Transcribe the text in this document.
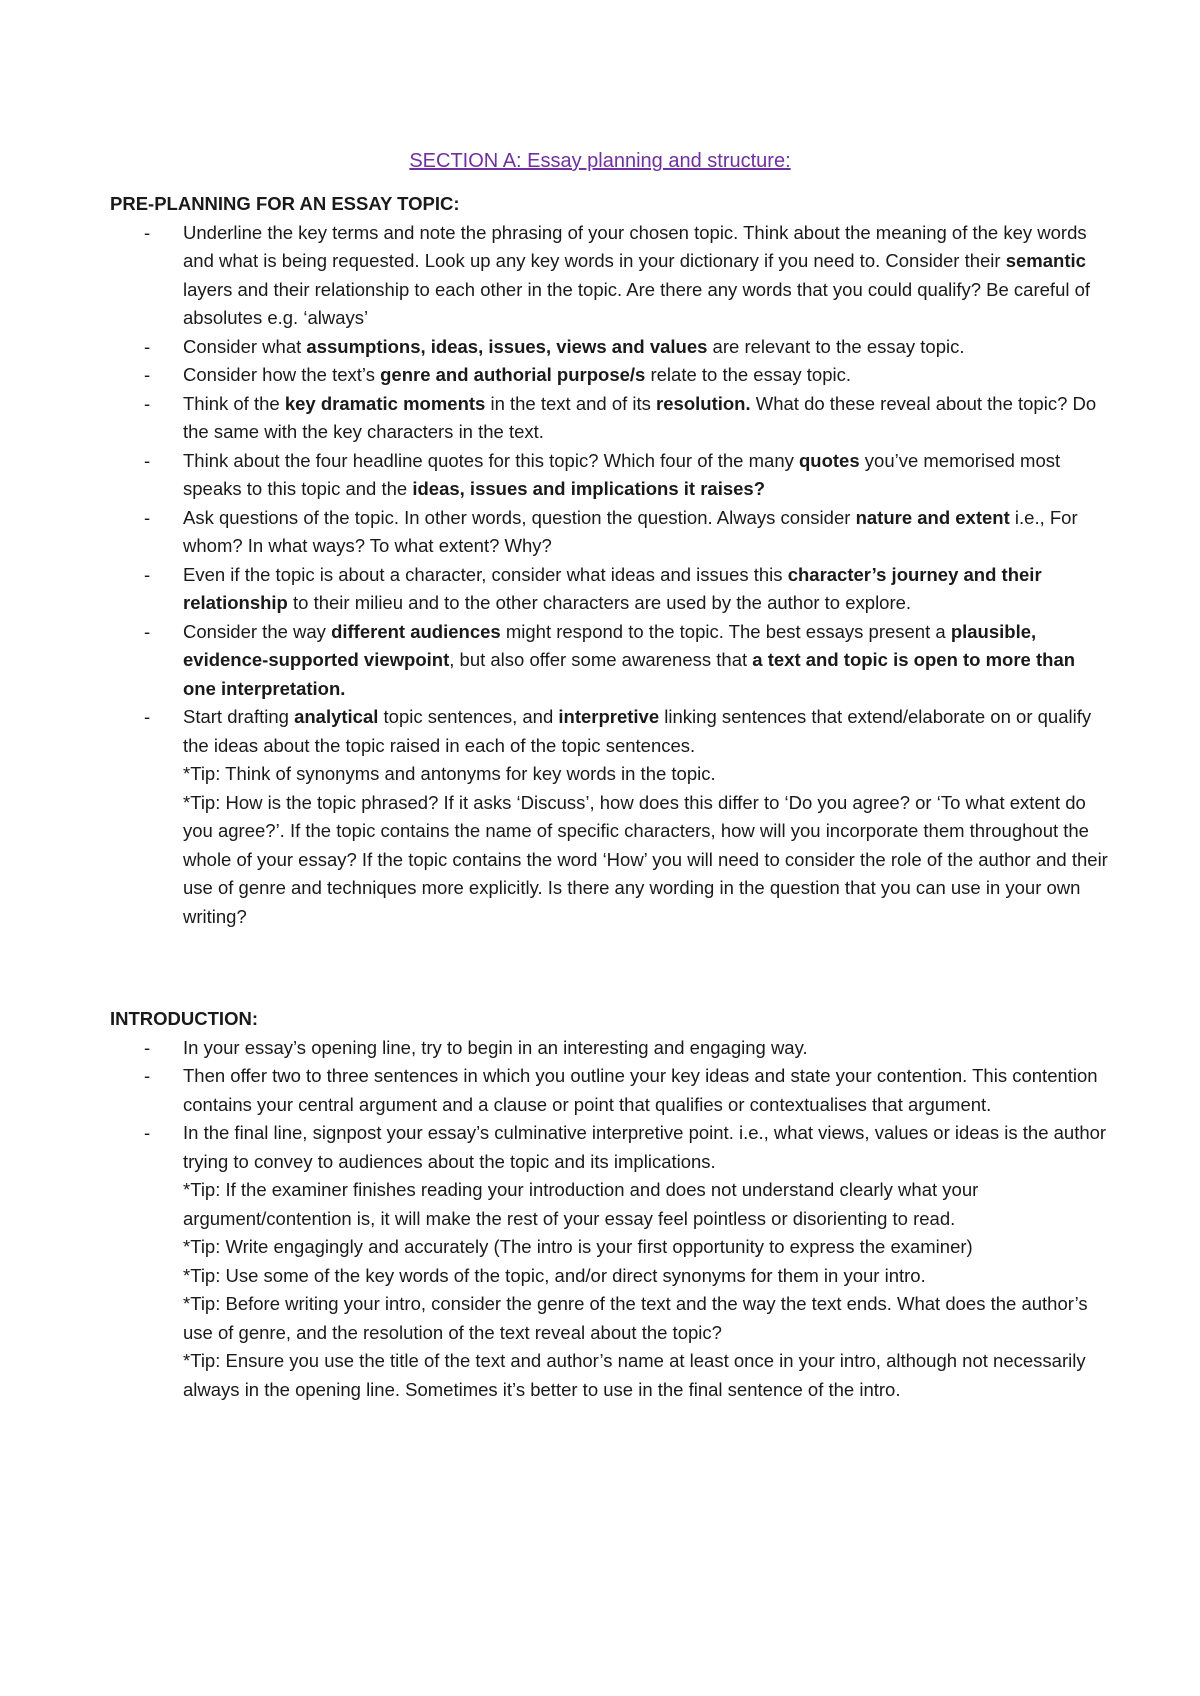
SECTION A: Essay planning and structure:

PRE-PLANNING FOR AN ESSAY TOPIC:

- Underline the key terms and note the phrasing of your chosen topic. Think about the meaning of the key words and what is being requested. Look up any key words in your dictionary if you need to. Consider their semantic layers and their relationship to each other in the topic. Are there any words that you could qualify? Be careful of absolutes e.g. ‘always’
- Consider what assumptions, ideas, issues, views and values are relevant to the essay topic.
- Consider how the text’s genre and authorial purpose/s relate to the essay topic.
- Think of the key dramatic moments in the text and of its resolution. What do these reveal about the topic? Do the same with the key characters in the text.
- Think about the four headline quotes for this topic? Which four of the many quotes you’ve memorised most speaks to this topic and the ideas, issues and implications it raises?
- Ask questions of the topic. In other words, question the question. Always consider nature and extent i.e., For whom? In what ways? To what extent? Why?
- Even if the topic is about a character, consider what ideas and issues this character’s journey and their relationship to their milieu and to the other characters are used by the author to explore.
- Consider the way different audiences might respond to the topic. The best essays present a plausible, evidence-supported viewpoint, but also offer some awareness that a text and topic is open to more than one interpretation.
- Start drafting analytical topic sentences, and interpretive linking sentences that extend/elaborate on or qualify the ideas about the topic raised in each of the topic sentences.
*Tip: Think of synonyms and antonyms for key words in the topic.
*Tip: How is the topic phrased? If it asks ‘Discuss’, how does this differ to ‘Do you agree? or ‘To what extent do you agree?’. If the topic contains the name of specific characters, how will you incorporate them throughout the whole of your essay? If the topic contains the word ‘How’ you will need to consider the role of the author and their use of genre and techniques more explicitly. Is there any wording in the question that you can use in your own writing?

INTRODUCTION:

- In your essay’s opening line, try to begin in an interesting and engaging way.
- Then offer two to three sentences in which you outline your key ideas and state your contention. This contention contains your central argument and a clause or point that qualifies or contextualises that argument.
- In the final line, signpost your essay’s culminative interpretive point. i.e., what views, values or ideas is the author trying to convey to audiences about the topic and its implications.
*Tip: If the examiner finishes reading your introduction and does not understand clearly what your argument/contention is, it will make the rest of your essay feel pointless or disorienting to read.
*Tip: Write engagingly and accurately (The intro is your first opportunity to express the examiner)
*Tip: Use some of the key words of the topic, and/or direct synonyms for them in your intro.
*Tip: Before writing your intro, consider the genre of the text and the way the text ends. What does the author’s use of genre, and the resolution of the text reveal about the topic?
*Tip: Ensure you use the title of the text and author’s name at least once in your intro, although not necessarily always in the opening line. Sometimes it’s better to use in the final sentence of the intro.
